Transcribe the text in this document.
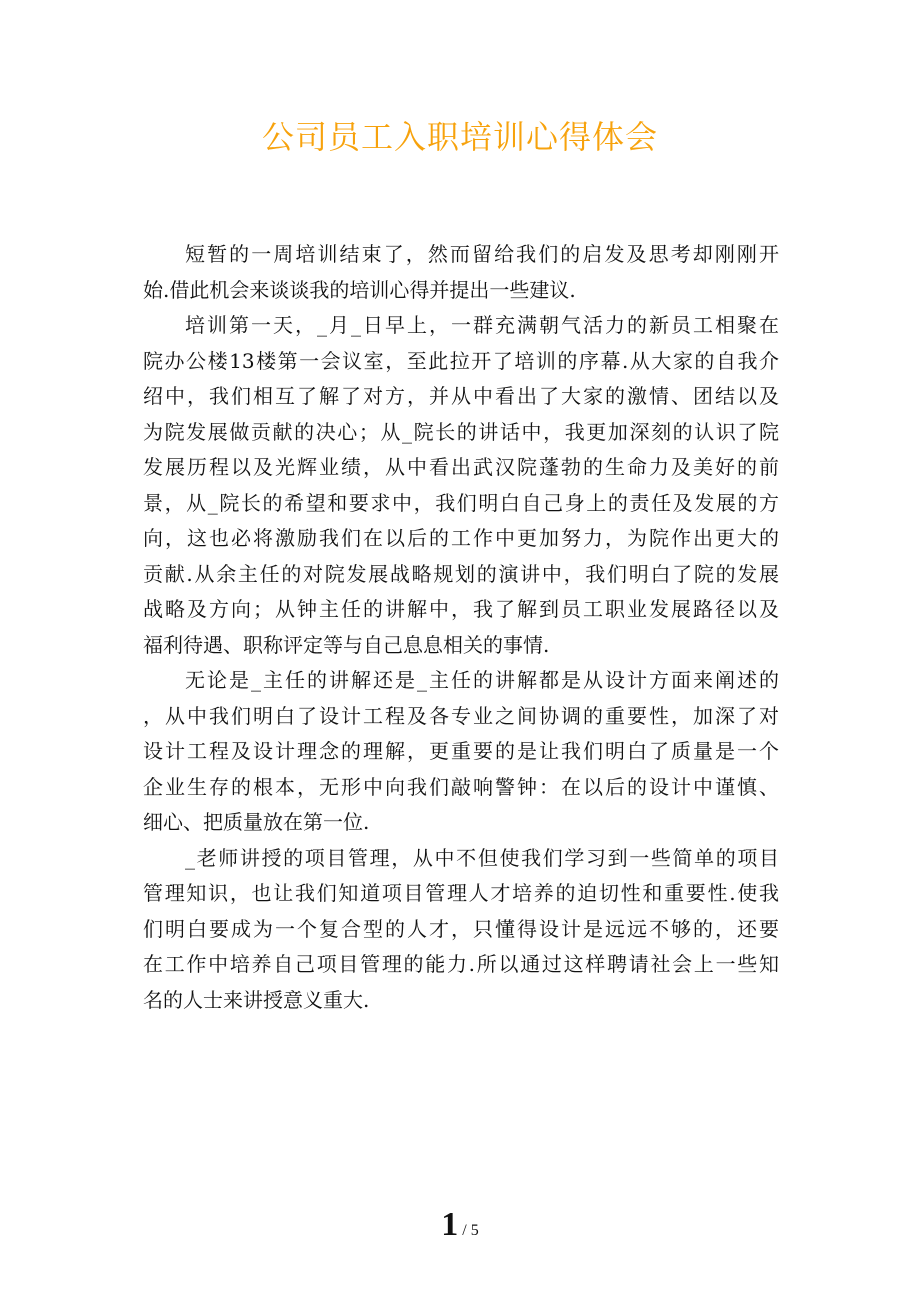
公司员工入职培训心得体会
短暂的一周培训结束了，然而留给我们的启发及思考却刚刚开
始.借此机会来谈谈我的培训心得并提出一些建议.
培训第一天，_月_日早上，一群充满朝气活力的新员工相聚在
院办公楼13楼第一会议室，至此拉开了培训的序幕.从大家的自我介
绍中，我们相互了解了对方，并从中看出了大家的激情、团结以及
为院发展做贡献的决心；从_院长的讲话中，我更加深刻的认识了院
发展历程以及光辉业绩，从中看出武汉院蓬勃的生命力及美好的前
景，从_院长的希望和要求中，我们明白自己身上的责任及发展的方
向，这也必将激励我们在以后的工作中更加努力，为院作出更大的
贡献.从余主任的对院发展战略规划的演讲中，我们明白了院的发展
战略及方向；从钟主任的讲解中，我了解到员工职业发展路径以及
福利待遇、职称评定等与自己息息相关的事情.
无论是_主任的讲解还是_主任的讲解都是从设计方面来阐述的
，从中我们明白了设计工程及各专业之间协调的重要性，加深了对
设计工程及设计理念的理解，更重要的是让我们明白了质量是一个
企业生存的根本，无形中向我们敲响警钟：在以后的设计中谨慎、
细心、把质量放在第一位.
_老师讲授的项目管理，从中不但使我们学习到一些简单的项目
管理知识，也让我们知道项目管理人才培养的迫切性和重要性.使我
们明白要成为一个复合型的人才，只懂得设计是远远不够的，还要
在工作中培养自己项目管理的能力.所以通过这样聘请社会上一些知
名的人士来讲授意义重大.
1 / 5
